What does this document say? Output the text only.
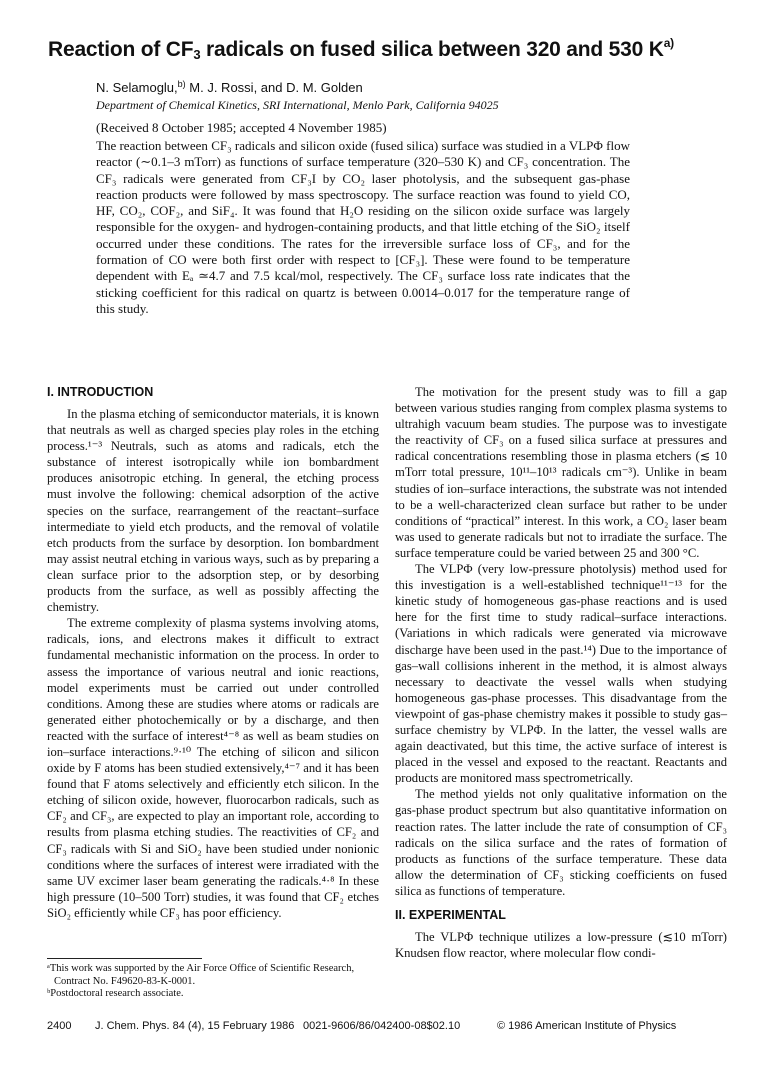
Reaction of $CF_3$ radicals on fused silica between 320 and 530 $K^{a)}$
N. Selamoglu,$^{b)}$ M. J. Rossi, and D. M. Golden
Department of Chemical Kinetics, SRI International, Menlo Park, California 94025
(Received 8 October 1985; accepted 4 November 1985)
The reaction between CF₃ radicals and silicon oxide (fused silica) surface was studied in a VLPΦ flow reactor (∼0.1–3 mTorr) as functions of surface temperature (320–530 K) and CF₃ concentration. The CF₃ radicals were generated from CF₃I by CO₂ laser photolysis, and the subsequent gas-phase reaction products were followed by mass spectroscopy. The surface reaction was found to yield CO, HF, CO₂, COF₂, and SiF₄. It was found that H₂O residing on the silicon oxide surface was largely responsible for the oxygen- and hydrogen-containing products, and that little etching of the SiO₂ itself occurred under these conditions. The rates for the irreversible surface loss of CF₃, and for the formation of CO were both first order with respect to [CF₃]. These were found to be temperature dependent with Eₐ ≃4.7 and 7.5 kcal/mol, respectively. The CF₃ surface loss rate indicates that the sticking coefficient for this radical on quartz is between 0.0014–0.017 for the temperature range of this study.
I. INTRODUCTION

In the plasma etching of semiconductor materials, it is known that neutrals as well as charged species play roles in the etching process.¹⁻³ Neutrals, such as atoms and radicals, etch the substance of interest isotropically while ion bombardment produces anisotropic etching. In general, the etching process must involve the following: chemical adsorption of the active species on the surface, rearrangement of the reactant–surface intermediate to yield etch products, and the removal of volatile etch products from the surface by desorption. Ion bombardment may assist neutral etching in various ways, such as by preparing a clean surface prior to the adsorption step, or by desorbing products from the surface, as well as possibly affecting the chemistry.

The extreme complexity of plasma systems involving atoms, radicals, ions, and electrons makes it difficult to extract fundamental mechanistic information on the process. In order to assess the importance of various neutral and ionic reactions, model experiments must be carried out under controlled conditions. Among these are studies where atoms or radicals are generated either photochemically or by a discharge, and then reacted with the surface of interest⁴⁻⁸ as well as beam studies on ion–surface interactions.⁹·¹⁰ The etching of silicon and silicon oxide by F atoms has been studied extensively,⁴⁻⁷ and it has been found that F atoms selectively and efficiently etch silicon. In the etching of silicon oxide, however, fluorocarbon radicals, such as CF₂ and CF₃, are expected to play an important role, according to results from plasma etching studies. The reactivities of CF₂ and CF₃ radicals with Si and SiO₂ have been studied under nonionic conditions where the surfaces of interest were irradiated with the same UV excimer laser beam generating the radicals.⁴·⁸ In these high pressure (10–500 Torr) studies, it was found that CF₂ etches SiO₂ efficiently while CF₃ has poor efficiency.

The motivation for the present study was to fill a gap between various studies ranging from complex plasma systems to ultrahigh vacuum beam studies. The purpose was to investigate the reactivity of CF₃ on a fused silica surface at pressures and radical concentrations resembling those in plasma etchers (≲ 10 mTorr total pressure, 10¹¹–10¹³ radicals cm⁻³). Unlike in beam studies of ion–surface interactions, the substrate was not intended to be a well-characterized clean surface but rather to be under conditions of “practical” interest. In this work, a CO₂ laser beam was used to generate radicals but not to irradiate the surface. The surface temperature could be varied between 25 and 300 °C.

The VLPΦ (very low-pressure photolysis) method used for this investigation is a well-established technique¹¹⁻¹³ for the kinetic study of homogeneous gas-phase reactions and is used here for the first time to study radical–surface interactions. (Variations in which radicals were generated via microwave discharge have been used in the past.¹⁴) Due to the importance of gas–wall collisions inherent in the method, it is almost always necessary to deactivate the vessel walls when studying homogeneous gas-phase processes. This disadvantage from the viewpoint of gas-phase chemistry makes it possible to study gas–surface chemistry by VLPΦ. In the latter, the vessel walls are again deactivated, but this time, the active surface of interest is placed in the vessel and exposed to the reactant. Reactants and products are monitored mass spectrometrically.

The method yields not only qualitative information on the gas-phase product spectrum but also quantitative information on reaction rates. The latter include the rate of consumption of CF₃ radicals on the silica surface and the rates of formation of products as functions of the surface temperature. These data allow the determination of CF₃ sticking coefficients on fused silica as functions of temperature.

II. EXPERIMENTAL

The VLPΦ technique utilizes a low-pressure (≲10 mTorr) Knudsen flow reactor, where molecular flow condi-

ᵃThis work was supported by the Air Force Office of Scientific Research, Contract No. F49620-83-K-0001.
ᵇPostdoctoral research associate.
2400 J. Chem. Phys. 84 (4), 15 February 1986 0021-9606/86/042400-08$02.10	© 1986 American Institute of Physics
